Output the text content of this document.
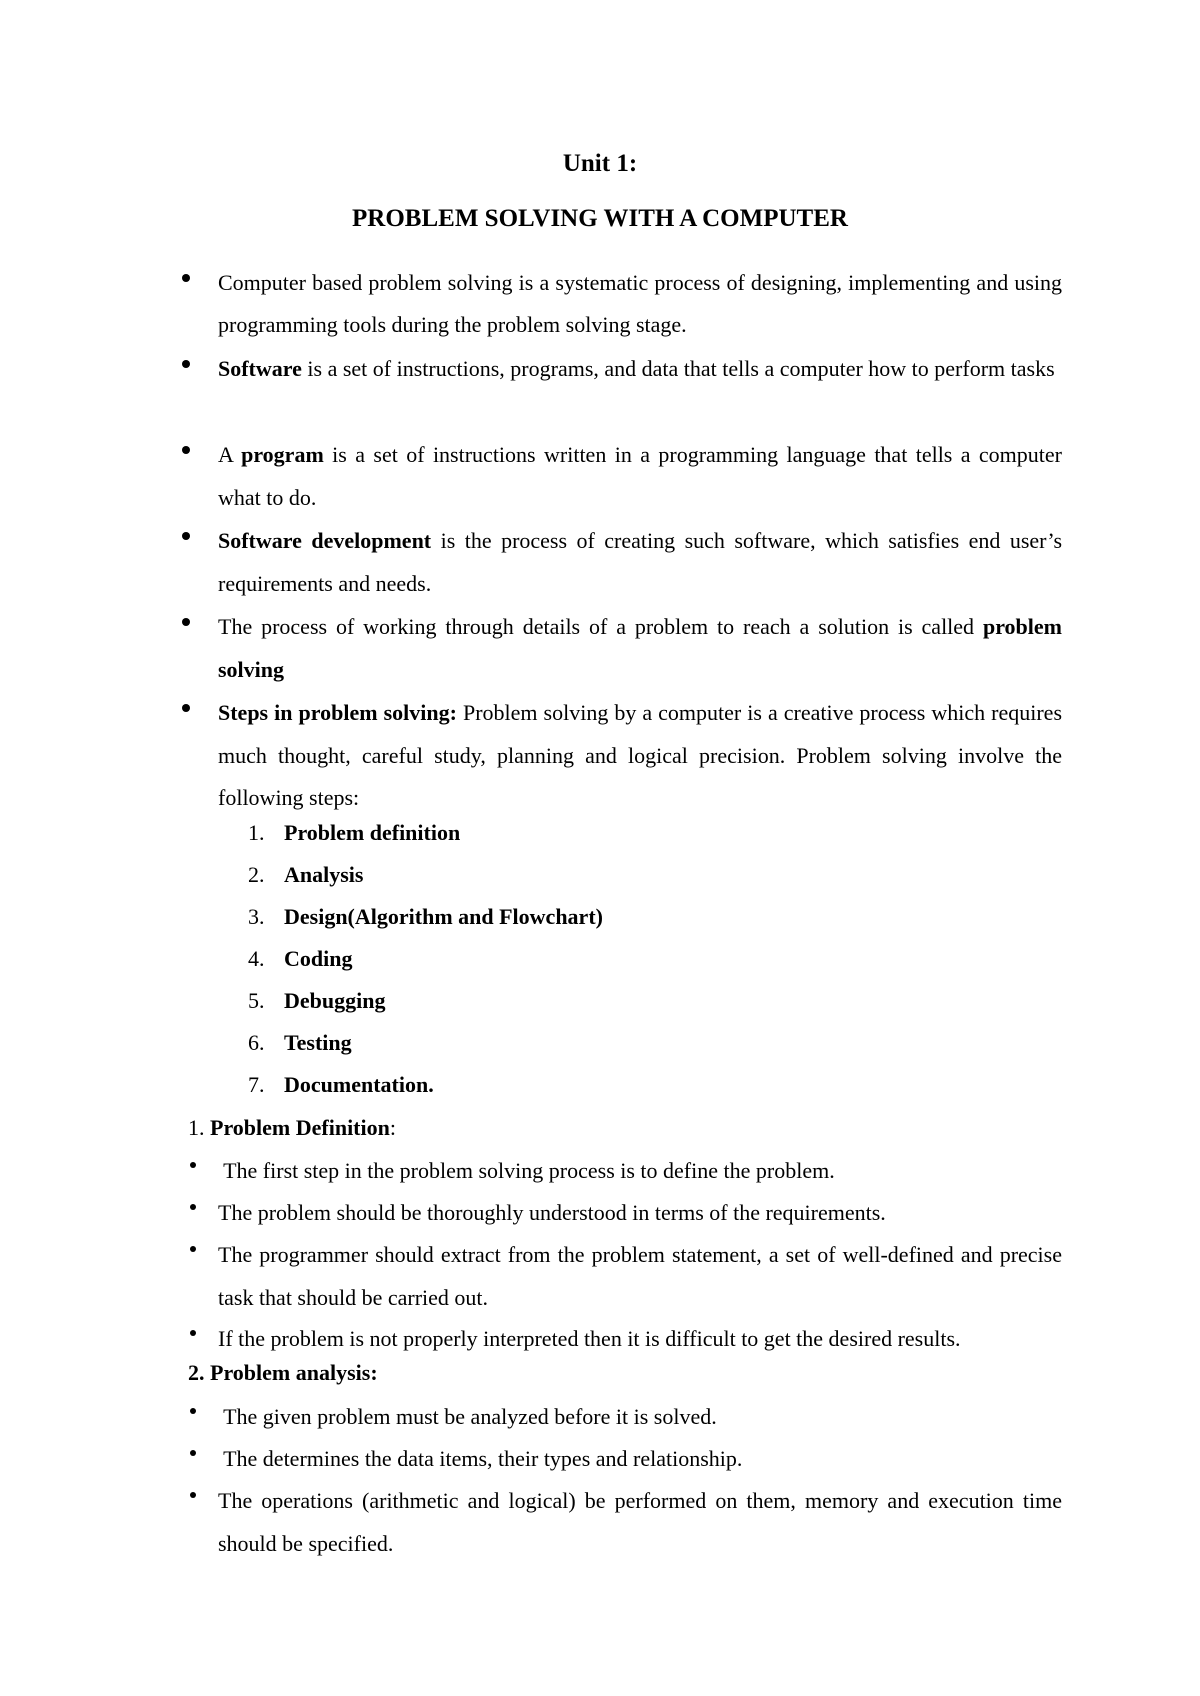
Unit 1:
PROBLEM SOLVING WITH A COMPUTER
Computer based problem solving is a systematic process of designing, implementing and using programming tools during the problem solving stage.
Software is a set of instructions, programs, and data that tells a computer how to perform tasks
A program is a set of instructions written in a programming language that tells a computer what to do.
Software development is the process of creating such software, which satisfies end user’s requirements and needs.
The process of working through details of a problem to reach a solution is called problem solving
Steps in problem solving: Problem solving by a computer is a creative process which requires much thought, careful study, planning and logical precision. Problem solving involve the following steps:
1. Problem definition
2. Analysis
3. Design(Algorithm and Flowchart)
4. Coding
5. Debugging
6. Testing
7. Documentation.
1. Problem Definition:
The first step in the problem solving process is to define the problem.
The problem should be thoroughly understood in terms of the requirements.
The programmer should extract from the problem statement, a set of well-defined and precise task that should be carried out.
If the problem is not properly interpreted then it is difficult to get the desired results.
2. Problem analysis:
The given problem must be analyzed before it is solved.
The determines the data items, their types and relationship.
The operations (arithmetic and logical) be performed on them, memory and execution time should be specified.
